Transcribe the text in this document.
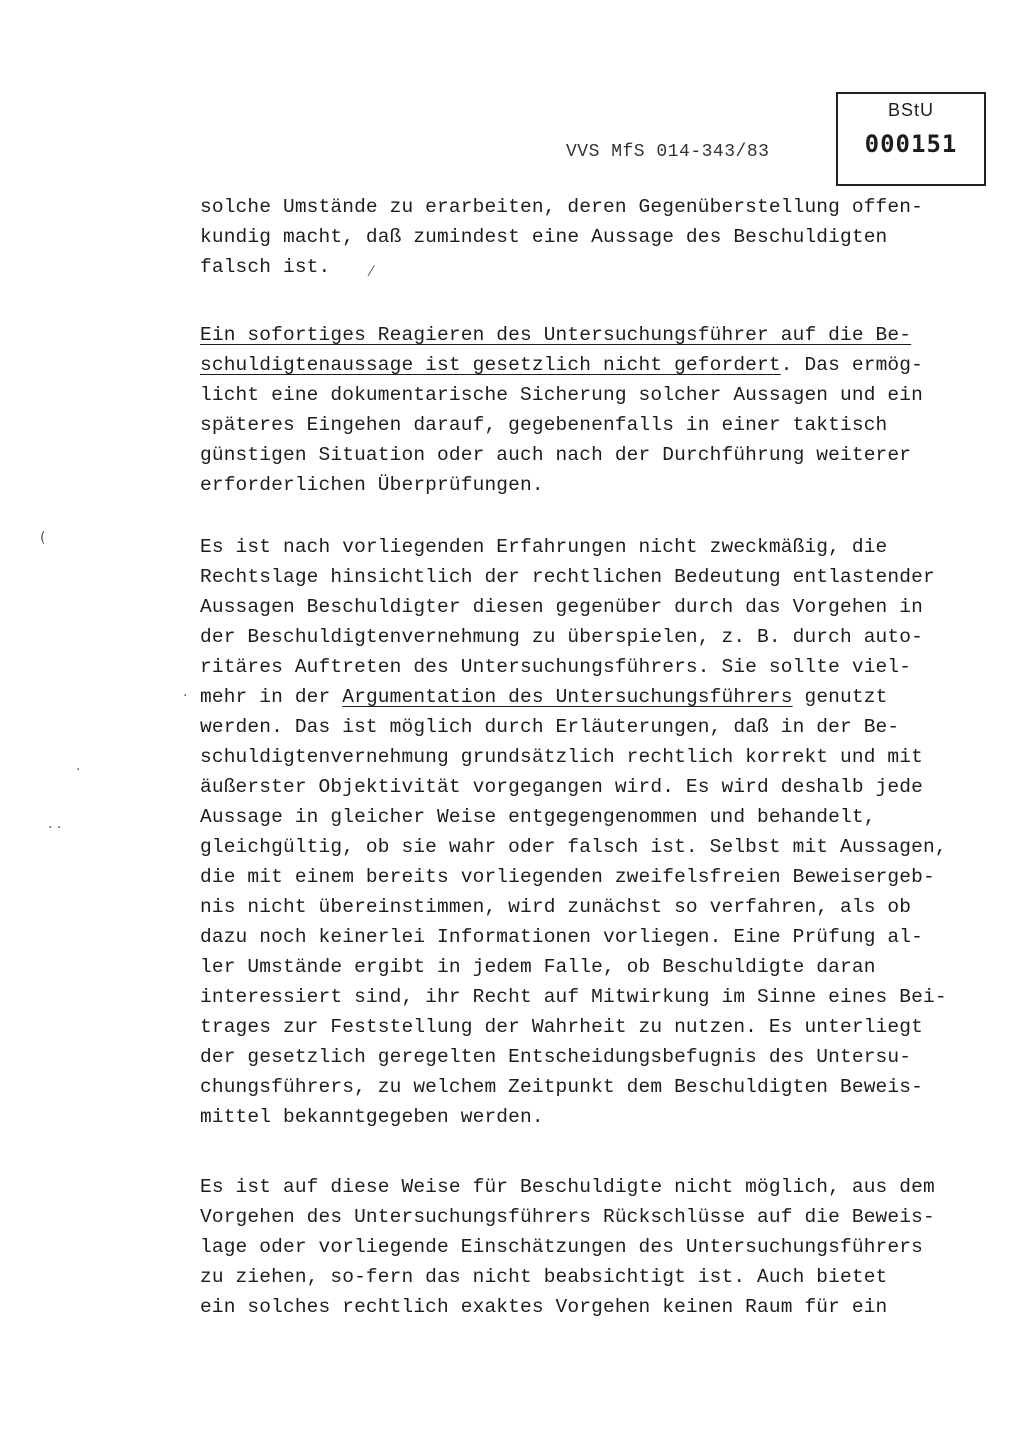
VVS MfS 014-343/83
BStU
000151
solche Umstände zu erarbeiten, deren Gegenüberstellung offen-
kundig macht, daß zumindest eine Aussage des Beschuldigten
falsch ist.
Ein sofortiges Reagieren des Untersuchungsführer auf die Be-
schuldigtenaussage ist gesetzlich nicht gefordert. Das ermög-
licht eine dokumentarische Sicherung solcher Aussagen und ein
späteres Eingehen darauf, gegebenenfalls in einer taktisch
günstigen Situation oder auch nach der Durchführung weiterer
erforderlichen Überprüfungen.
Es ist nach vorliegenden Erfahrungen nicht zweckmäßig, die
Rechtslage hinsichtlich der rechtlichen Bedeutung entlastender
Aussagen Beschuldigter diesen gegenüber durch das Vorgehen in
der Beschuldigtenvernehmung zu überspielen, z. B. durch auto-
ritäres Auftreten des Untersuchungsführers. Sie sollte viel-
mehr in der Argumentation des Untersuchungsführers genutzt
werden. Das ist möglich durch Erläuterungen, daß in der Be-
schuldigtenvernehmung grundsätzlich rechtlich korrekt und mit
äußerster Objektivität vorgegangen wird. Es wird deshalb jede
Aussage in gleicher Weise entgegengenommen und behandelt,
gleichgültig, ob sie wahr oder falsch ist. Selbst mit Aussagen,
die mit einem bereits vorliegenden zweifelsfreien Beweisergeb-
nis nicht übereinstimmen, wird zunächst so verfahren, als ob
dazu noch keinerlei Informationen vorliegen. Eine Prüfung al-
ler Umstände ergibt in jedem Falle, ob Beschuldigte daran
interessiert sind, ihr Recht auf Mitwirkung im Sinne eines Bei-
trages zur Feststellung der Wahrheit zu nutzen. Es unterliegt
der gesetzlich geregelten Entscheidungsbefugnis des Untersu-
chungsführers, zu welchem Zeitpunkt dem Beschuldigten Beweis-
mittel bekanntgegeben werden.
Es ist auf diese Weise für Beschuldigte nicht möglich, aus dem
Vorgehen des Untersuchungsführers Rückschlüsse auf die Beweis-
lage oder vorliegende Einschätzungen des Untersuchungsführers
zu ziehen, so-fern das nicht beabsichtigt ist. Auch bietet
ein solches rechtlich exaktes Vorgehen keinen Raum für ein
(
·
· ·
·
⁄
